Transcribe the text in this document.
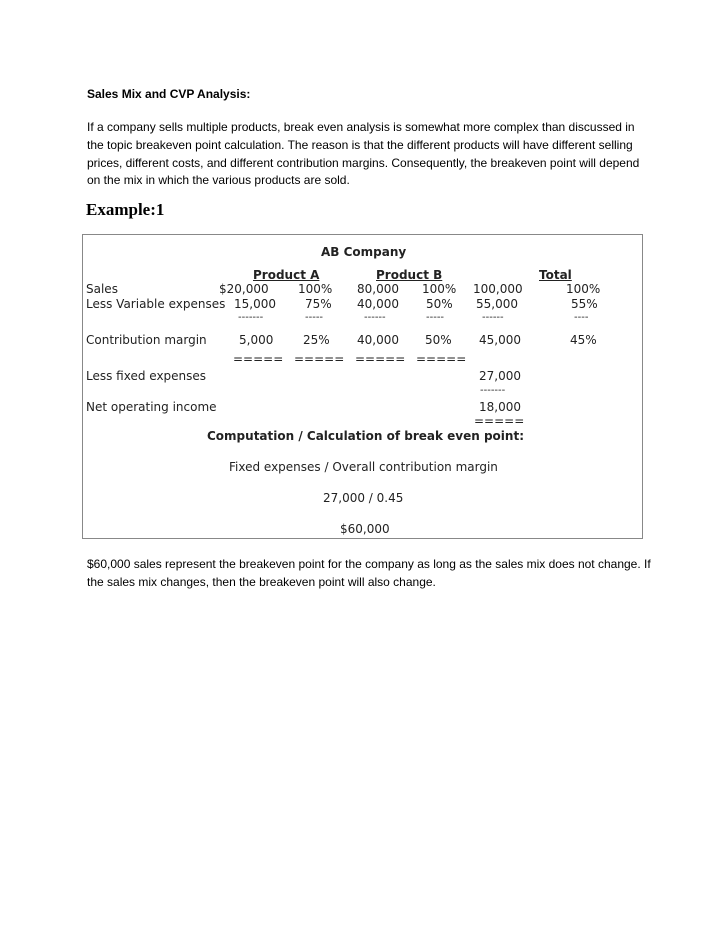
Sales Mix and CVP Analysis:
If a company sells multiple products, break even analysis is somewhat more complex than discussed in the topic breakeven point calculation. The reason is that the different products will have different selling prices, different costs, and different contribution margins. Consequently, the breakeven point will depend on the mix in which the various products are sold.
Example:1
AB Company
Product A	Product B	Total
Sales	$20,000 100% 80,000 100% 100,000	100%
Less Variable expenses 15,000 75% 40,000 50% 55,000	55%
-------	-----	------	-----	------	----
Contribution margin	5,000 25% 40,000 50% 45,000	45%
===== ===== ===== =====
Less fixed expenses	27,000
-------
Net operating income	18,000
=====
Computation / Calculation of break even point:
Fixed expenses / Overall contribution margin
27,000 / 0.45
$60,000
$60,000 sales represent the breakeven point for the company as long as the sales mix does not change. If the sales mix changes, then the breakeven point will also change.
